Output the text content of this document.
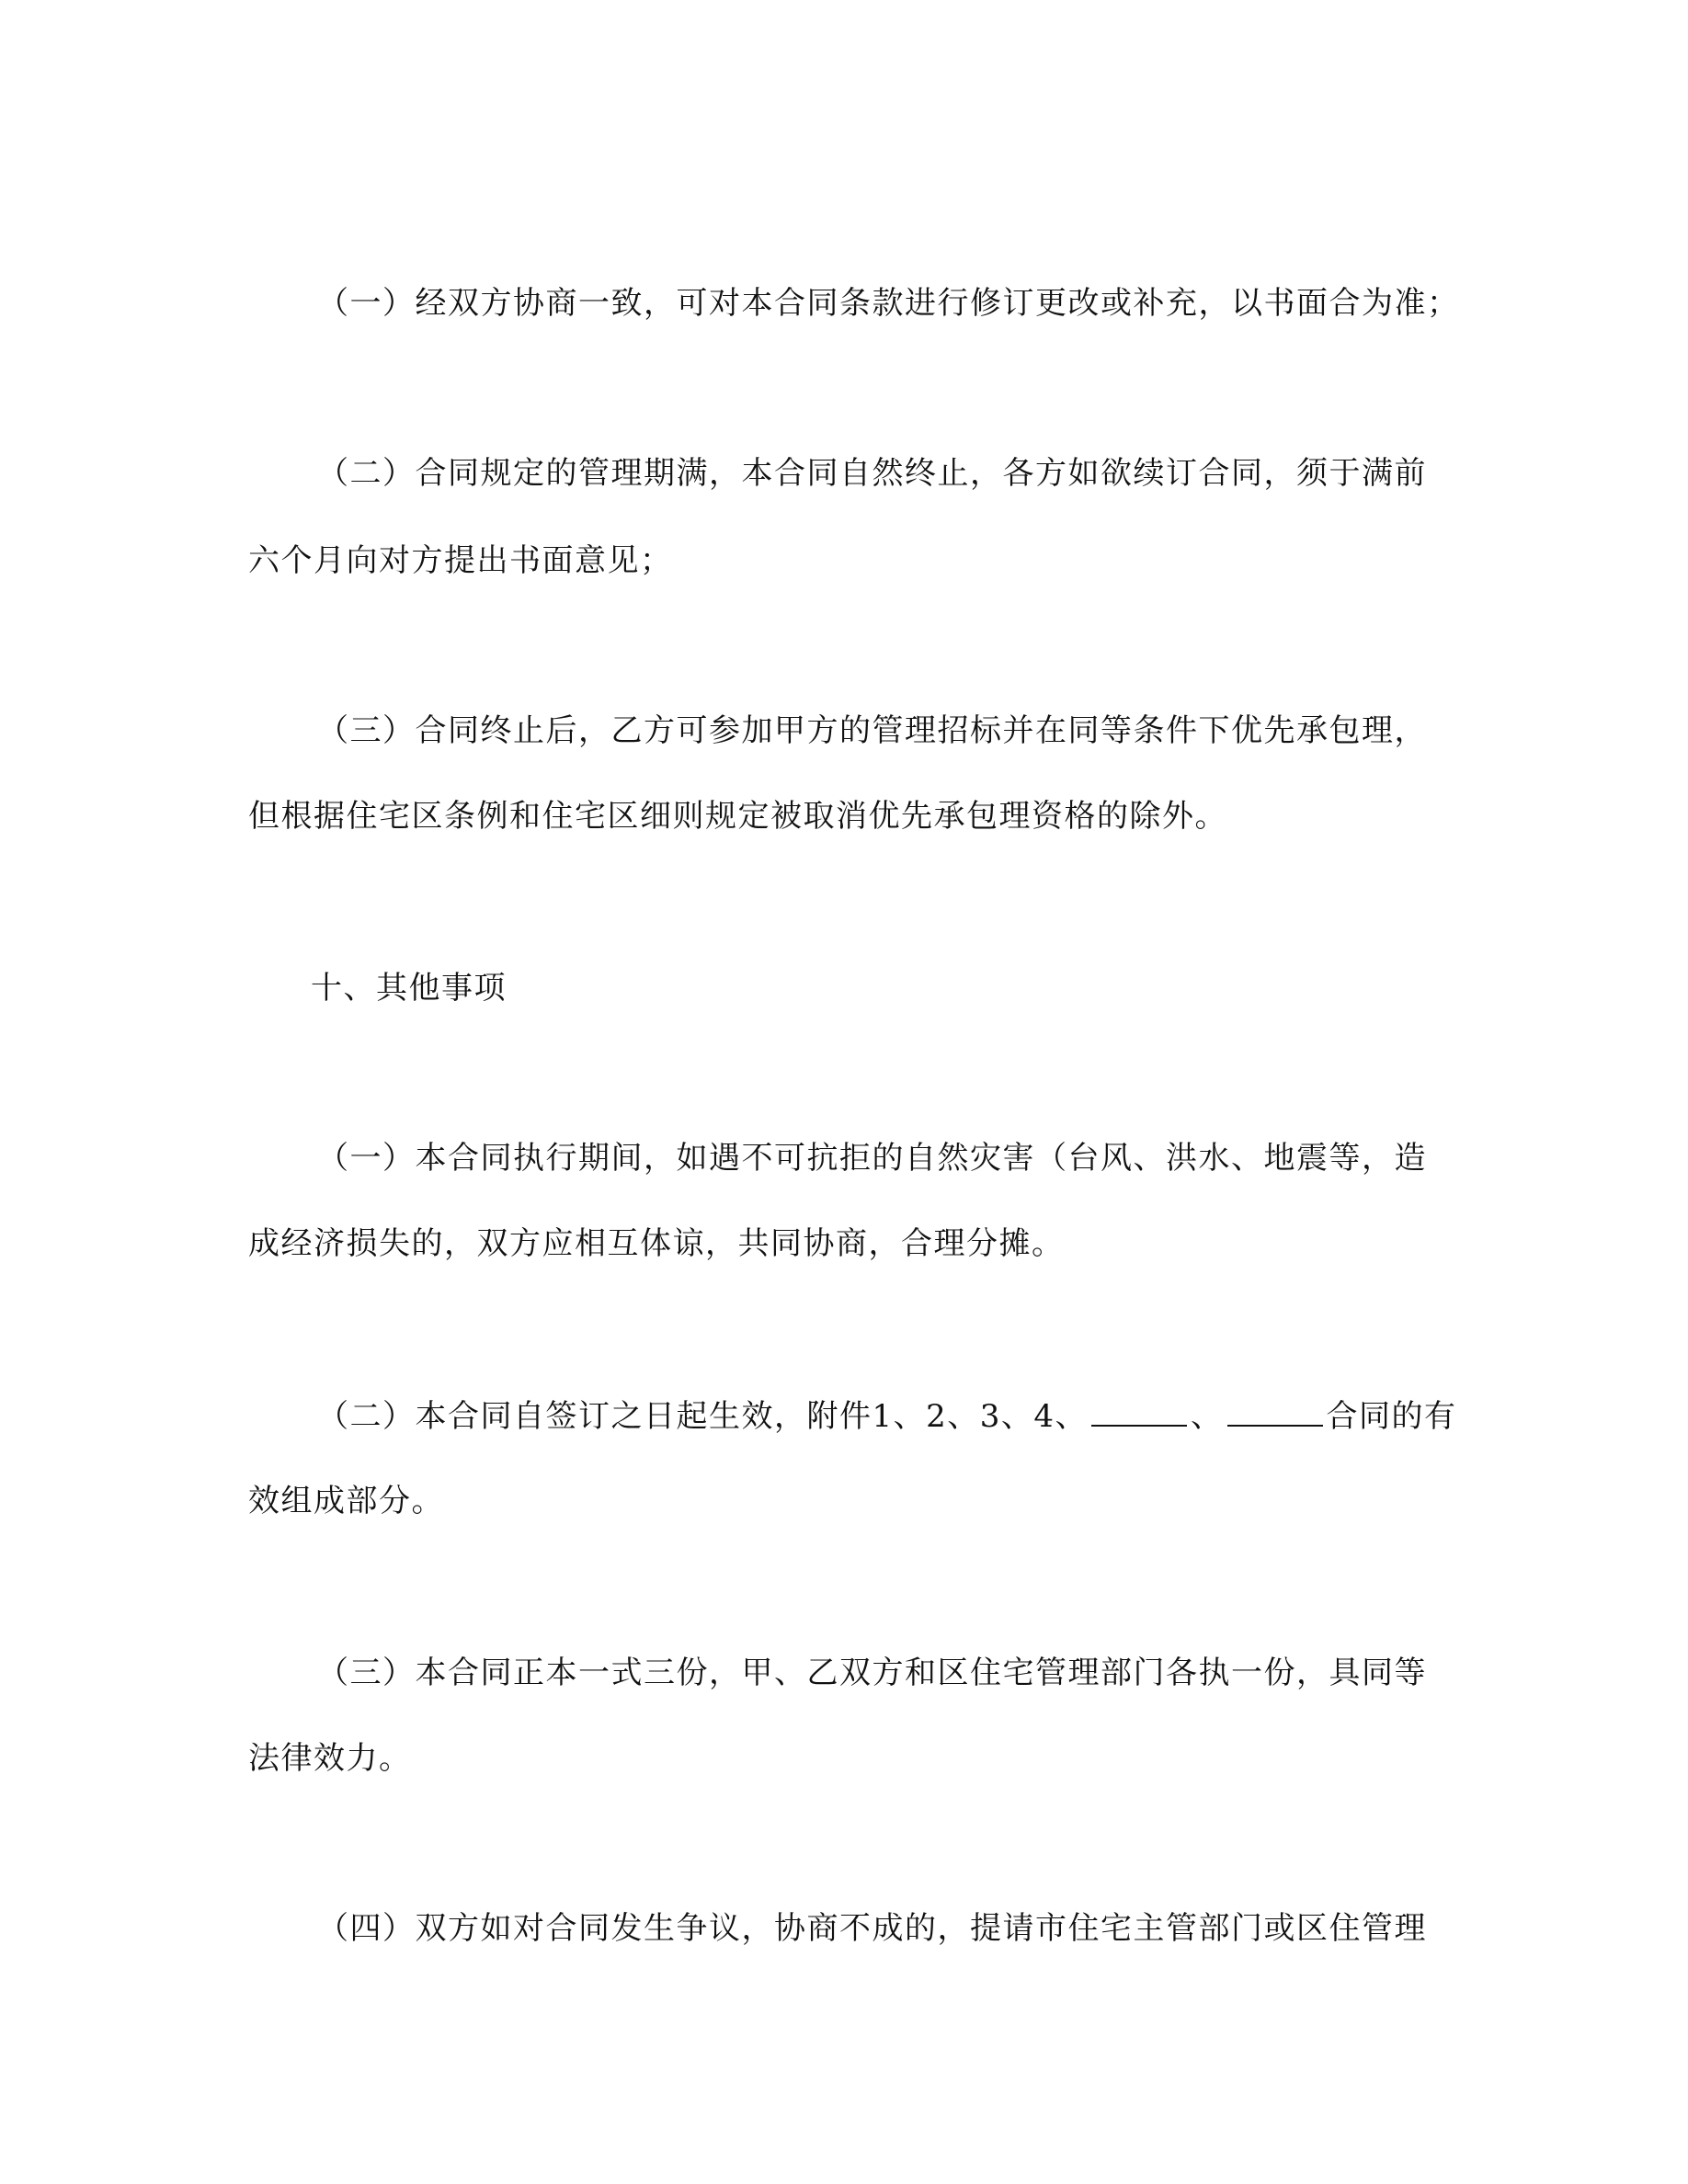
（一）经双方协商一致，可对本合同条款进行修订更改或补充，以书面合为准；

（二）合同规定的管理期满，本合同自然终止，各方如欲续订合同，须于满前

六个月向对方提出书面意见；

（三）合同终止后，乙方可参加甲方的管理招标并在同等条件下优先承包理，

但根据住宅区条例和住宅区细则规定被取消优先承包理资格的除外。

十、其他事项

（一）本合同执行期间，如遇不可抗拒的自然灾害（台风、洪水、地震等，造

成经济损失的，双方应相互体谅，共同协商，合理分摊。

（二）本合同自签订之日起生效，附件1、2、3、4、	、	合同的有

效组成部分。

（三）本合同正本一式三份，甲、乙双方和区住宅管理部门各执一份，具同等

法律效力。

（四）双方如对合同发生争议，协商不成的，提请市住宅主管部门或区住管理
